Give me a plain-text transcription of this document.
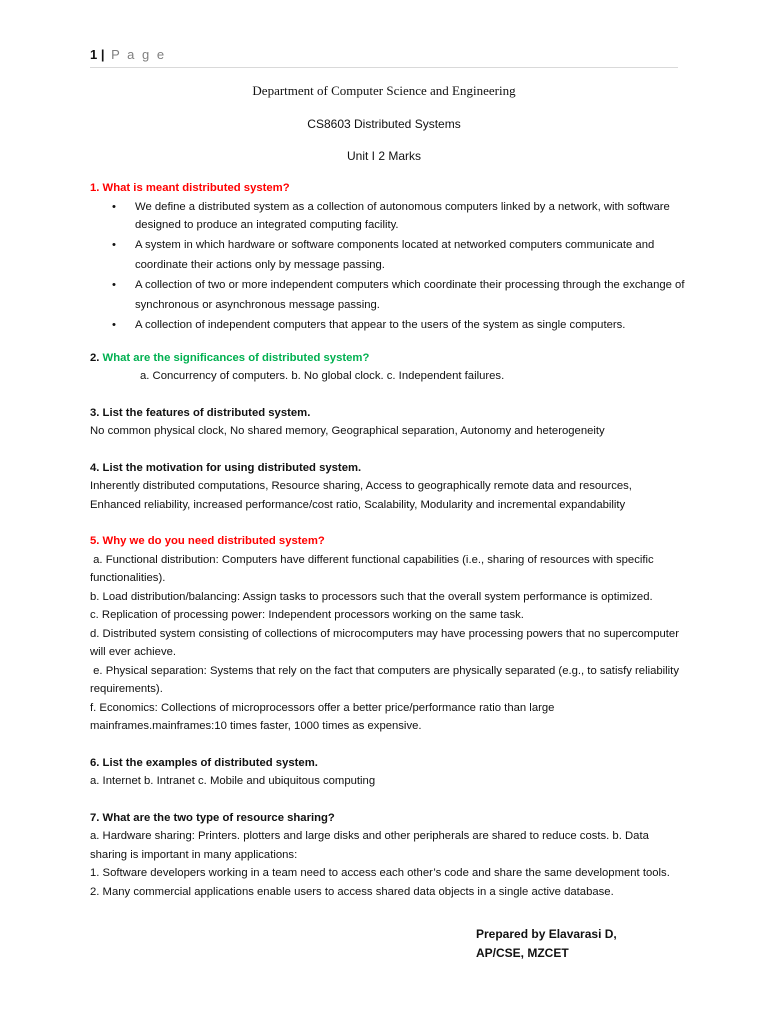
1 | P a g e
Department of Computer Science and Engineering
CS8603 Distributed Systems
Unit I 2 Marks
1. What is meant distributed system?
• We define a distributed system as a collection of autonomous computers linked by a network, with software designed to produce an integrated computing facility.
• A system in which hardware or software components located at networked computers communicate and coordinate their actions only by message passing.
• A collection of two or more independent computers which coordinate their processing through the exchange of synchronous or asynchronous message passing.
• A collection of independent computers that appear to the users of the system as single computers.
2. What are the significances of distributed system?
a. Concurrency of computers. b. No global clock. c. Independent failures.
3. List the features of distributed system.
No common physical clock, No shared memory, Geographical separation, Autonomy and heterogeneity
4. List the motivation for using distributed system.
Inherently distributed computations, Resource sharing, Access to geographically remote data and resources, Enhanced reliability, increased performance/cost ratio, Scalability, Modularity and incremental expandability
5. Why we do you need distributed system?
a. Functional distribution: Computers have different functional capabilities (i.e., sharing of resources with specific functionalities).
b. Load distribution/balancing: Assign tasks to processors such that the overall system performance is optimized.
c. Replication of processing power: Independent processors working on the same task.
d. Distributed system consisting of collections of microcomputers may have processing powers that no supercomputer will ever achieve.
e. Physical separation: Systems that rely on the fact that computers are physically separated (e.g., to satisfy reliability requirements).
f. Economics: Collections of microprocessors offer a better price/performance ratio than large mainframes.mainframes:10 times faster, 1000 times as expensive.
6. List the examples of distributed system.
a. Internet b. Intranet c. Mobile and ubiquitous computing
7. What are the two type of resource sharing?
a. Hardware sharing: Printers. plotters and large disks and other peripherals are shared to reduce costs. b. Data sharing is important in many applications:
1. Software developers working in a team need to access each other’s code and share the same development tools.
2. Many commercial applications enable users to access shared data objects in a single active database.
Prepared by Elavarasi D,
AP/CSE, MZCET
